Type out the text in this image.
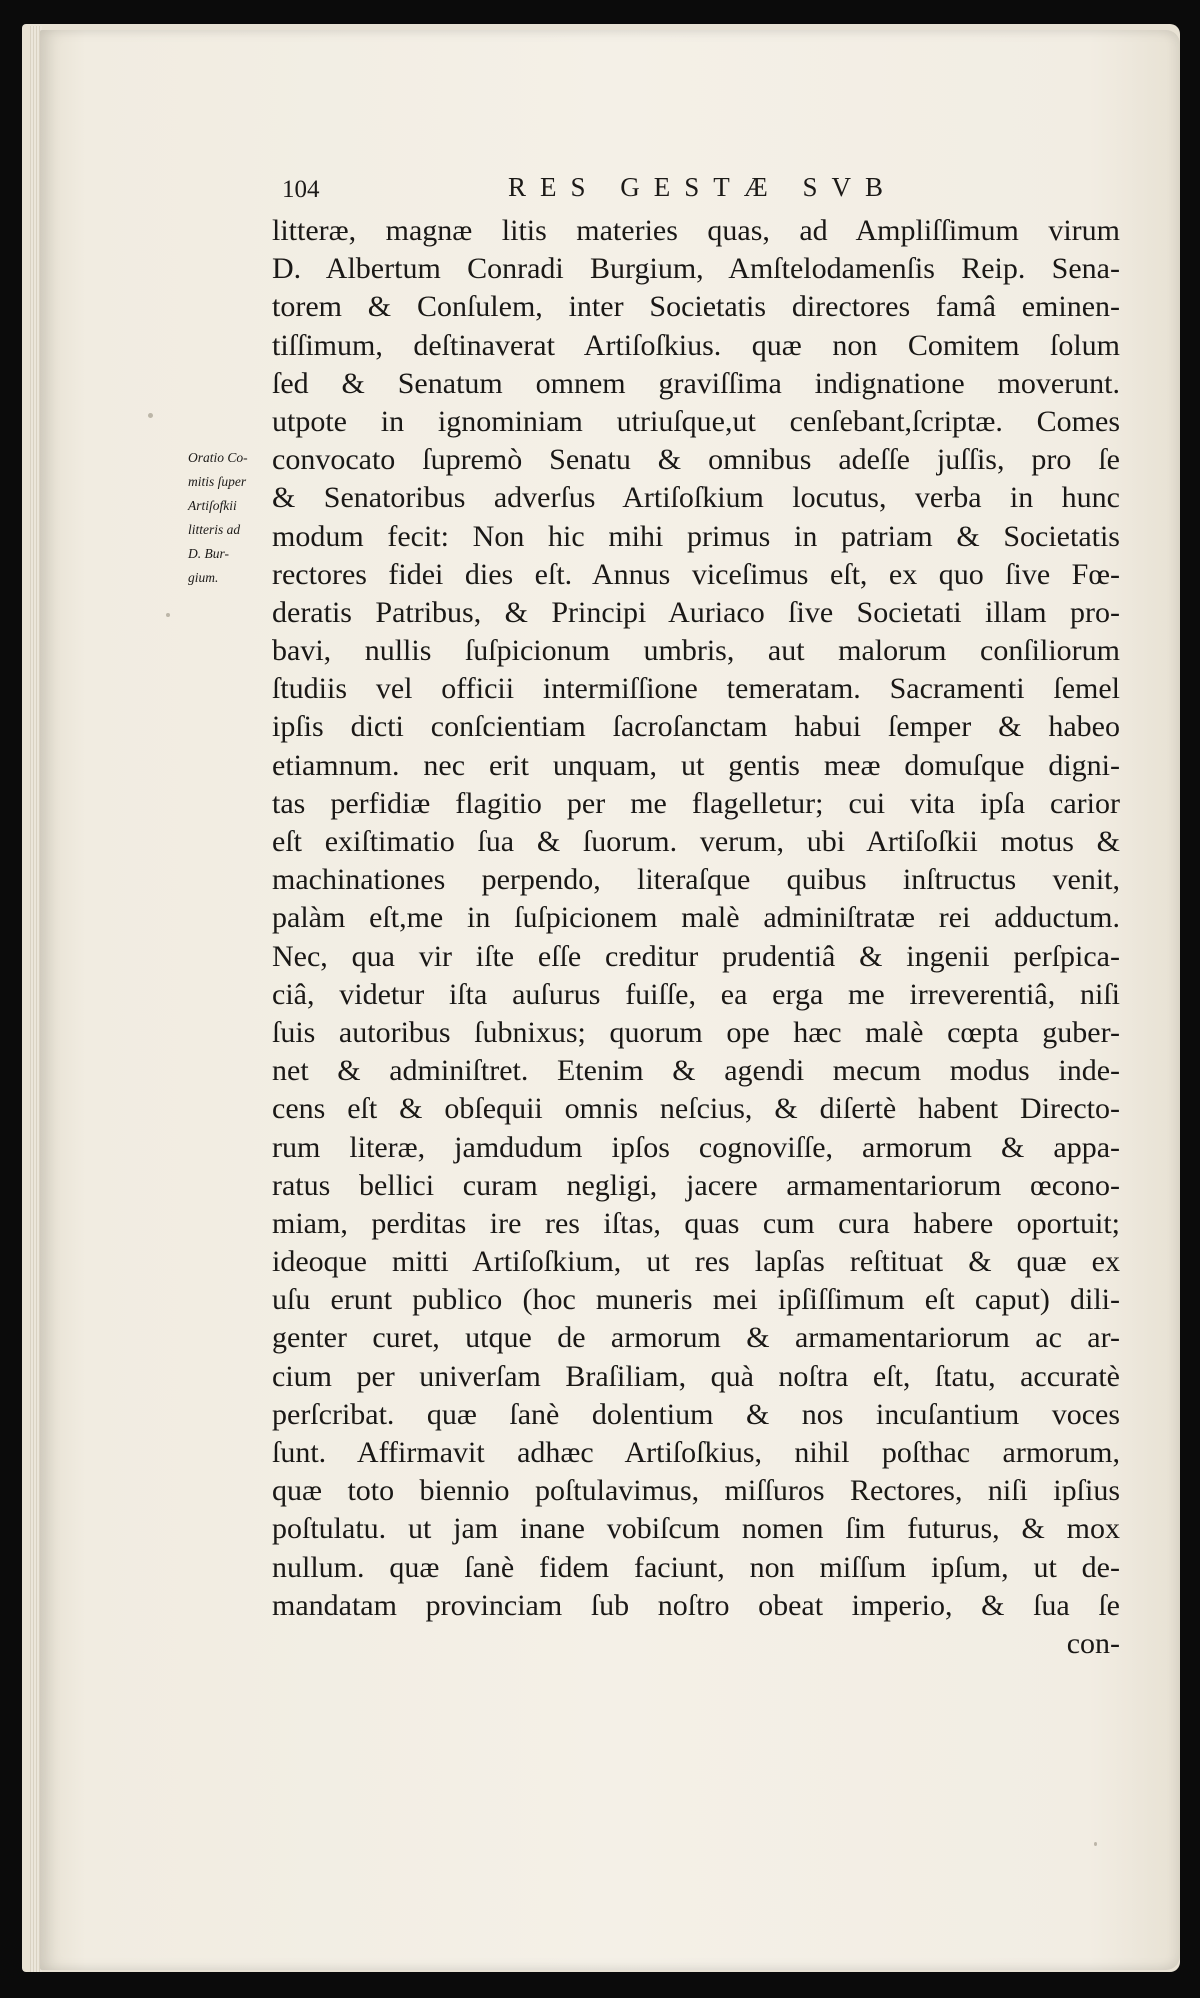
104	RES GESTÆ SVB
Oratio Co-
mitis ſuper
Artiſofkii
litteris ad
D. Bur-
gium.
litteræ, magnæ litis materies quas, ad Ampliſſimum virum
D. Albertum Conradi Burgium, Amſtelodamenſis Reip. Sena-
torem & Conſulem, inter Societatis directores famâ eminen-
tiſſimum, deſtinaverat Artiſoſkius. quæ non Comitem ſolum
ſed & Senatum omnem graviſſima indignatione moverunt.
utpote in ignominiam utriuſque,ut cenſebant,ſcriptæ. Comes
convocato ſupremò Senatu & omnibus adeſſe juſſis, pro ſe
& Senatoribus adverſus Artiſoſkium locutus, verba in hunc
modum fecit: Non hic mihi primus in patriam & Societatis
rectores fidei dies eſt. Annus viceſimus eſt, ex quo ſive Fœ-
deratis Patribus, & Principi Auriaco ſive Societati illam pro-
bavi, nullis ſuſpicionum umbris, aut malorum conſiliorum
ſtudiis vel officii intermiſſione temeratam. Sacramenti ſemel
ipſis dicti conſcientiam ſacroſanctam habui ſemper & habeo
etiamnum. nec erit unquam, ut gentis meæ domuſque digni-
tas perfidiæ flagitio per me flagelletur; cui vita ipſa carior
eſt exiſtimatio ſua & ſuorum. verum, ubi Artiſoſkii motus &
machinationes perpendo, literaſque quibus inſtructus venit,
palàm eſt,me in ſuſpicionem malè adminiſtratæ rei adductum.
Nec, qua vir iſte eſſe creditur prudentiâ & ingenii perſpica-
ciâ, videtur iſta auſurus fuiſſe, ea erga me irreverentiâ, niſi
ſuis autoribus ſubnixus; quorum ope hæc malè cœpta guber-
net & adminiſtret. Etenim & agendi mecum modus inde-
cens eſt & obſequii omnis neſcius, & diſertè habent Directo-
rum literæ, jamdudum ipſos cognoviſſe, armorum & appa-
ratus bellici curam negligi, jacere armamentariorum œcono-
miam, perditas ire res iſtas, quas cum cura habere oportuit;
ideoque mitti Artiſoſkium, ut res lapſas reſtituat & quæ ex
uſu erunt publico (hoc muneris mei ipſiſſimum eſt caput) dili-
genter curet, utque de armorum & armamentariorum ac ar-
cium per univerſam Braſiliam, quà noſtra eſt, ſtatu, accuratè
perſcribat. quæ ſanè dolentium & nos incuſantium voces
ſunt. Affirmavit adhæc Artiſoſkius, nihil poſthac armorum,
quæ toto biennio poſtulavimus, miſſuros Rectores, niſi ipſius
poſtulatu. ut jam inane vobiſcum nomen ſim futurus, & mox
nullum. quæ ſanè fidem faciunt, non miſſum ipſum, ut de-
mandatam provinciam ſub noſtro obeat imperio, & ſua ſe
con-
